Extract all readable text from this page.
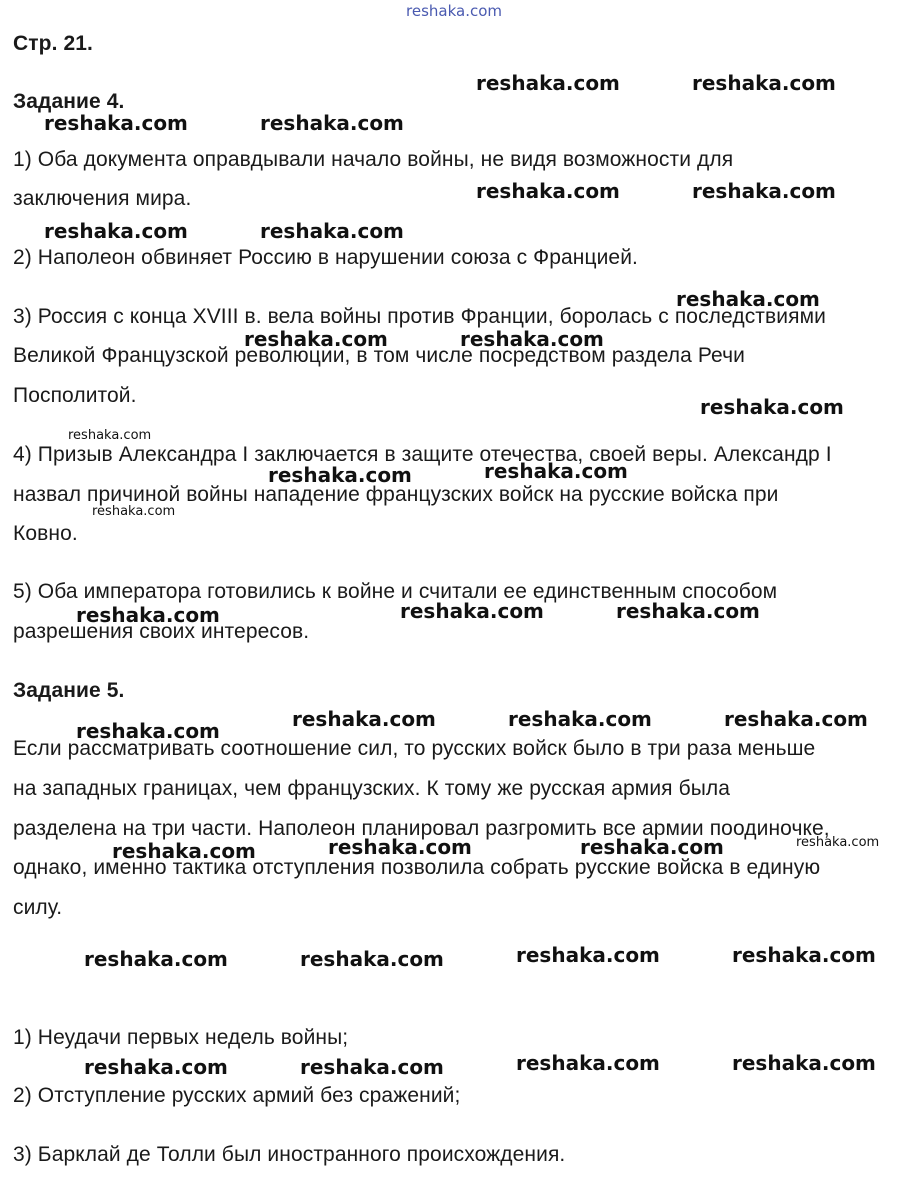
reshaka.com
Стр. 21.
Задание 4.
1) Оба документа оправдывали начало войны, не видя возможности для
заключения мира.
2) Наполеон обвиняет Россию в нарушении союза с Францией.
3) Россия с конца XVIII в. вела войны против Франции, боролась с последствиями
Великой Французской революции, в том числе посредством раздела Речи
Посполитой.
4) Призыв Александра I заключается в защите отечества, своей веры. Александр I
назвал причиной войны нападение французских войск на русские войска при
Ковно.
5) Оба императора готовились к войне и считали ее единственным способом
разрешения своих интересов.
Задание 5.
Если рассматривать соотношение сил, то русских войск было в три раза меньше
на западных границах, чем французских. К тому же русская армия была
разделена на три части. Наполеон планировал разгромить все армии поодиночке,
однако, именно тактика отступления позволила собрать русские войска в единую
силу.
1) Неудачи первых недель войны;
2) Отступление русских армий без сражений;
3) Барклай де Толли был иностранного происхождения.
reshaka.com	reshaka.com
reshaka.com	reshaka.com
reshaka.com	reshaka.com
reshaka.com	reshaka.com
reshaka.com
reshaka.com	reshaka.com
reshaka.com
reshaka.com
reshaka.com	reshaka.com
reshaka.com
reshaka.com	reshaka.com	reshaka.com
reshaka.com	reshaka.com	reshaka.com	reshaka.com
reshaka.com
reshaka.com	reshaka.com	reshaka.com
reshaka.com	reshaka.com	reshaka.com	reshaka.com
reshaka.com	reshaka.com	reshaka.com	reshaka.com
